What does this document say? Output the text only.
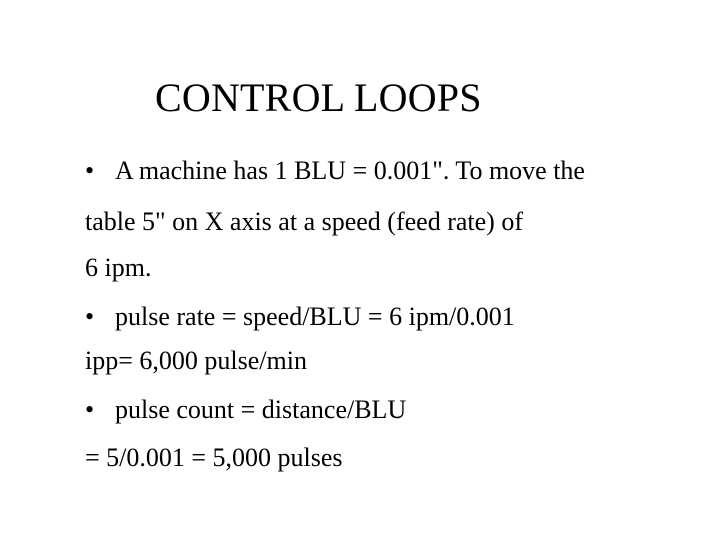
CONTROL LOOPS
• A machine has 1 BLU = 0.001". To move the
table 5" on X axis at a speed (feed rate) of
6 ipm.
• pulse rate = speed/BLU = 6 ipm/0.001
ipp= 6,000 pulse/min
• pulse count = distance/BLU
= 5/0.001 = 5,000 pulses
